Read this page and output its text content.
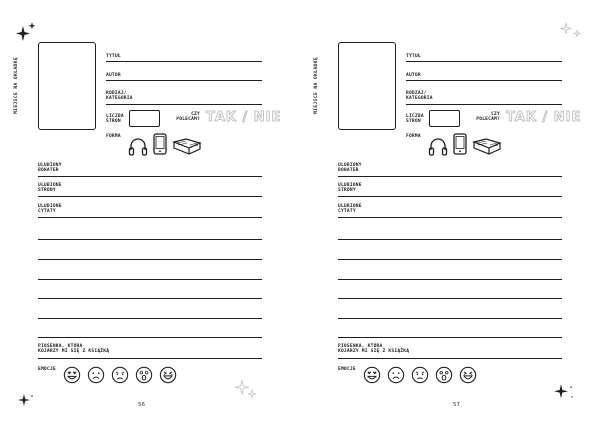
MIEJSCE NA OKŁADKĘ
TYTUŁ
AUTOR
RODZAJ/
KATEGORIA
LICZBA
STRON
CZY
POLECAM? TAK / NIE
FORMA
ULUBIONY
BOHATER
ULUBIONE
STRONY
ULUBIONE
CYTATY
PIOSENKA, KTÓRA
KOJARZY MI SIĘ Z KSIĄŻKĄ
EMOCJE
56
MIEJSCE NA OKŁADKĘ
TYTUŁ
AUTOR
RODZAJ/
KATEGORIA
LICZBA
STRON
CZY
POLECAM? TAK / NIE
FORMA
ULUBIONY
BOHATER
ULUBIONE
STRONY
ULUBIONE
CYTATY
PIOSENKA, KTÓRA
KOJARZY MI SIĘ Z KSIĄŻKĄ
EMOCJE
57
